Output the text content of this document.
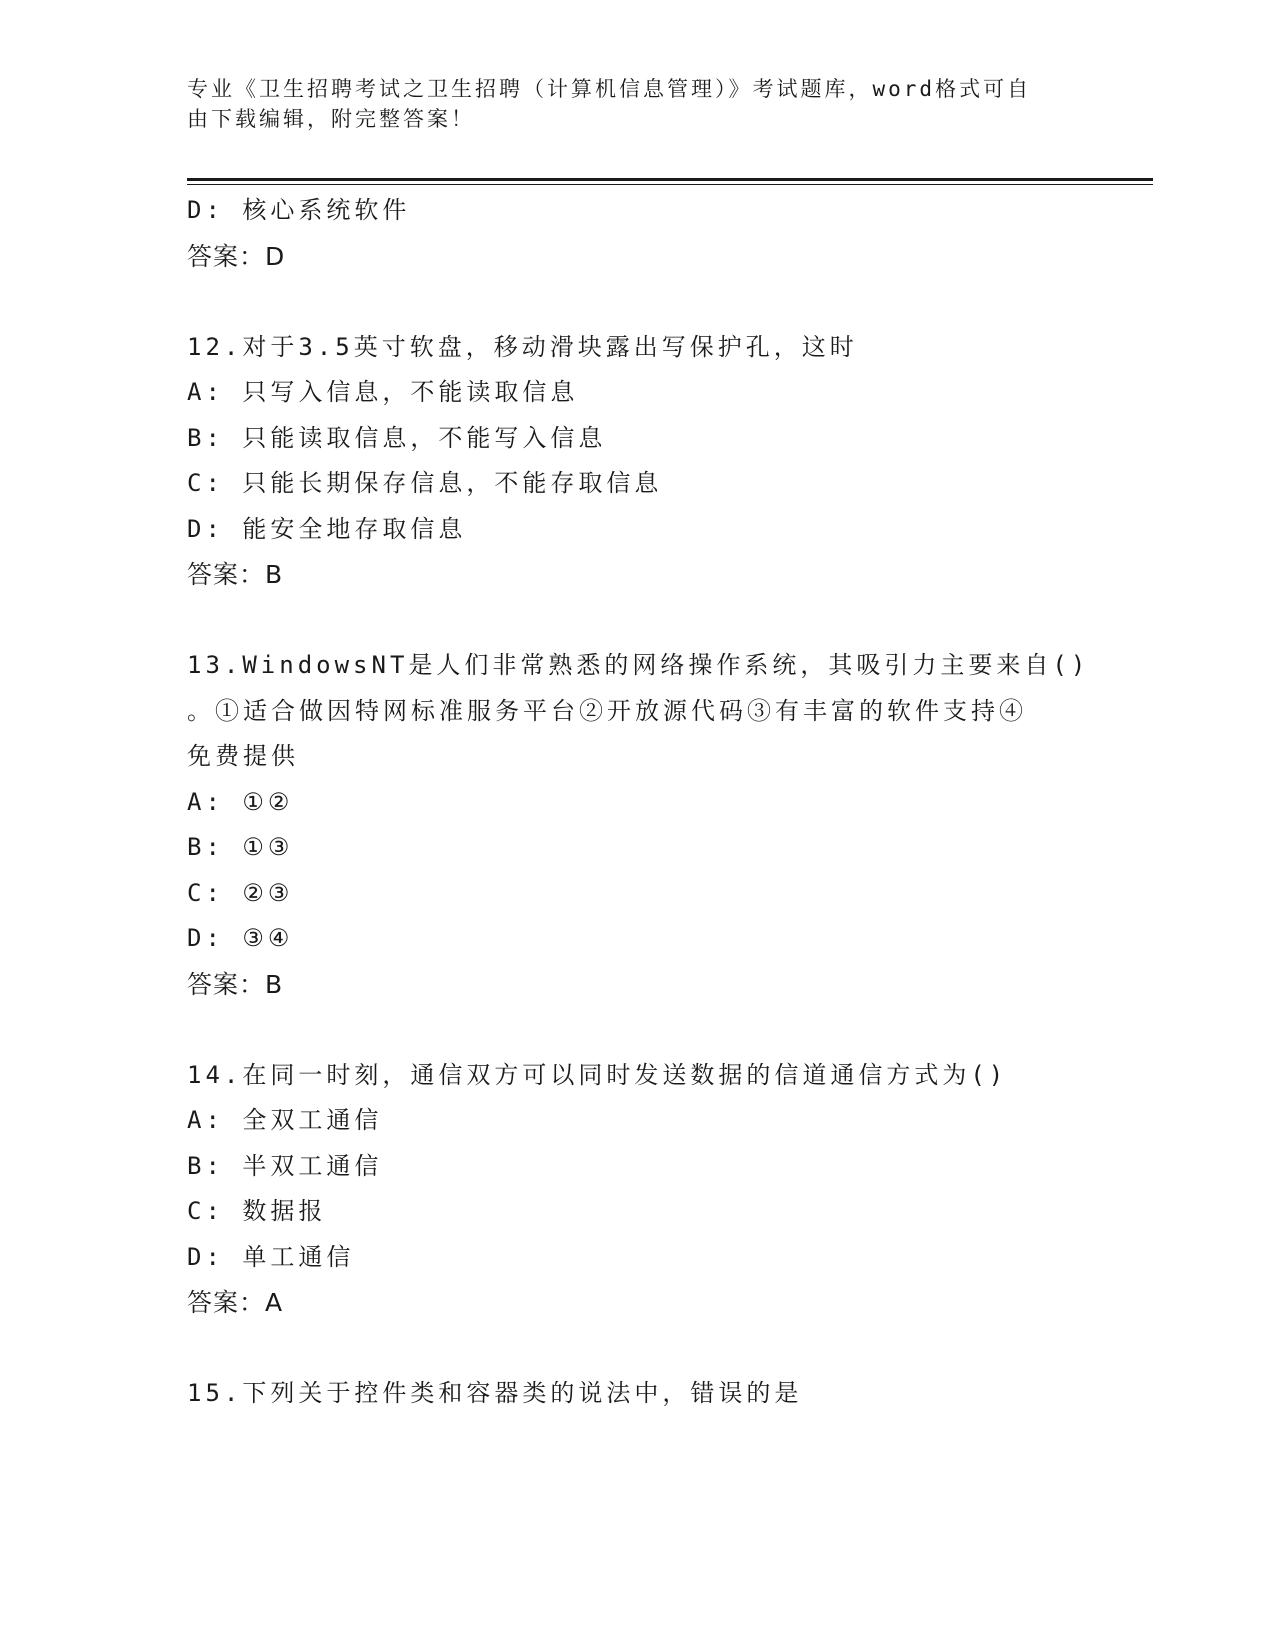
专业《卫生招聘考试之卫生招聘（计算机信息管理）》考试题库，word格式可自
由下载编辑，附完整答案！
D: 核心系统软件
答案：D
12.对于3.5英寸软盘，移动滑块露出写保护孔，这时
A: 只写入信息，不能读取信息
B: 只能读取信息，不能写入信息
C: 只能长期保存信息，不能存取信息
D: 能安全地存取信息
答案：B
13.WindowsNT是人们非常熟悉的网络操作系统，其吸引力主要来自()
。①适合做因特网标准服务平台②开放源代码③有丰富的软件支持④
免费提供
A: ①②
B: ①③
C: ②③
D: ③④
答案：B
14.在同一时刻，通信双方可以同时发送数据的信道通信方式为()
A: 全双工通信
B: 半双工通信
C: 数据报
D: 单工通信
答案：A
15.下列关于控件类和容器类的说法中，错误的是
